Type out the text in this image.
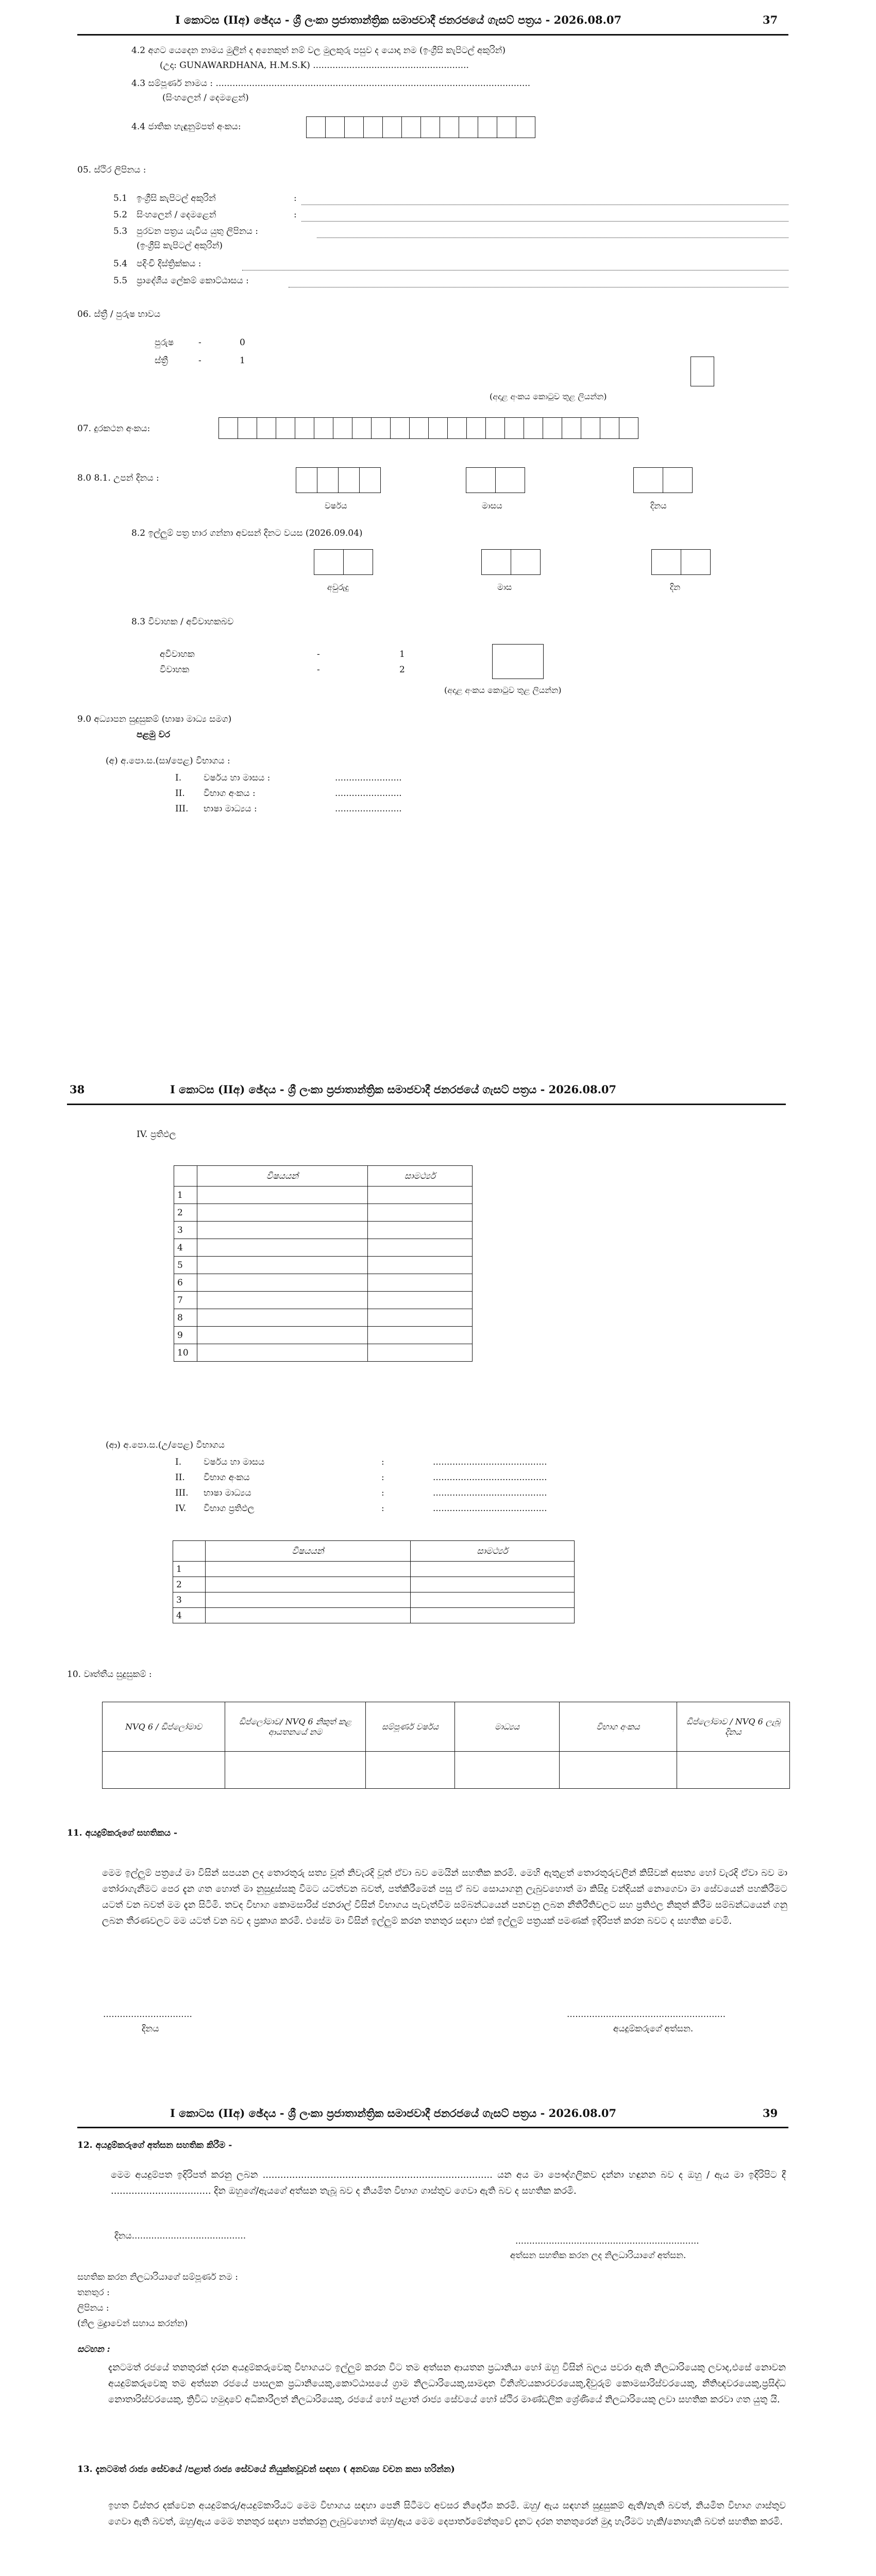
I කොටස (IIඅ) ඡේදය - ශ්‍රී ලංකා ප්‍රජාතාන්ත්‍රික සමාජවාදී ජනරජයේ ගැසට් පත්‍රය - 2026.08.07	37
4.2 අගට යෙදෙන නාමය මුලින් ද අනෙකුත් නම් වල මුලකුරු පසුව ද යොදා නම (ඉංග්‍රීසි කැපිටල් අකුරින්)
(උදා: GUNAWARDHANA, H.M.S.K) ........................................................
4.3 සම්පූර්ණ නාමය : .................................................................................................................
(සිංහලෙන් / දෙමළෙන්)
4.4 ජාතික හැඳුනුම්පත් අංකය:
05. ස්ථිර ලිපිනය :
5.1 ඉංග්‍රීසි කැපිටල් අකුරින්	:
5.2 සිංහලෙන් / දෙමළෙන්	:
5.3 පුරවන පත්‍රය යැවිය යුතු ලිපිනය :
(ඉංග්‍රීසි කැපිටල් අකුරින්)
5.4 පදිංචි දිස්ත්‍රික්කය :
5.5 ප්‍රාදේශීය ලේකම් කොට්ඨාසය :
06. ස්ත්‍රී / පුරුෂ භාවය
පුරුෂ	-	0
ස්ත්‍රී	-	1
(අදාළ අංකය කොටුව තුළ ලියන්න)
07. දුරකථන අංකය:
8.0 8.1. උපන් දිනය :
වර්ෂය	මාසය	දිනය
8.2 ඉල්ලුම් පත්‍ර භාර ගන්නා අවසන් දිනට වයස (2026.09.04)
අවුරුදු	මාස	දින
8.3 විවාහක / අවිවාහකබව
අවිවාහක	-	1
විවාහක	-	2
(අදාළ අංකය කොටුව තුළ ලියන්න)
9.0 අධ්‍යාපන සුදුසුකම් (භාෂා මාධ්‍ය සමග)
පළමු වර
(අ) අ.පො.ස.(සා/පෙළ) විභාගය :
I.	වර්ෂය හා මාසය :	........................
II. විභාග අංකය :	........................
III. භාෂා මාධ්‍යය :	........................
38	I කොටස (IIඅ) ඡේදය - ශ්‍රී ලංකා ප්‍රජාතාන්ත්‍රික සමාජවාදී ජනරජයේ ගැසට් පත්‍රය - 2026.08.07
IV. ප්‍රතිඵල
	විෂයයන්	සාමර්ථ්‍ය
1		
2		
3		
4		
5		
6		
7		
8		
9		
10		
(ආ) අ.පො.ස.(උ/පෙළ) විභාගය
I.	වර්ෂය හා මාසය	:	.........................................
II. විභාග අංකය	:	.........................................
III. භාෂා මාධ්‍යය	:	.........................................
IV. විභාග ප්‍රතිඵල	:	.........................................
	විෂයයන්	සාමර්ථ්‍ය
1		
2		
3		
4		
10. වෘත්තීය සුදුසුකම් :
NVQ 6 / ඩිප්ලෝමාව	ඩිප්ලෝමාව/ NVQ 6 නිකුත් කළ ආයතනයේ නම	සම්පූර්ණ වර්ෂය	මාධ්‍යය	විභාග අංකය	ඩිප්ලෝමාව / NVQ 6 ලැබූ දිනය

11. අයදුම්කරුගේ සහතිකය -
මෙම ඉල්ලුම් පත්‍රයේ මා විසින් සපයන ලද තොරතුරු සත්‍ය වූත් නිවැරදි වූත් ඒවා බව මෙයින් සහතික කරමි. මෙහි ඇතුළත් තොරතුරුවලින් කිසිවක් අසත්‍ය හෝ වැරදි ඒවා බව මා තෝරාගැනීමට පෙර දැන ගත හොත් මා නුසුදුස්සකු වීමට යටත්වන බවත්, පත්කිරීමෙන් පසු ඒ බව සොයාගනු ලැබුවහොත් මා කිසිදු වන්දියක් නොගෙවා මා සේවයෙන් පහකිරීමට යටත් වන බවත් මම දැන සිටිමි. තවද විභාග කොමසාරිස් ජනරාල් විසින් විභාගය පැවැත්වීම සම්බන්ධයෙන් පනවනු ලබන නීතිරීතිවලට සහ ප්‍රතිඵල නිකුත් කිරීම සම්බන්ධයෙන් ගනු ලබන තීරණවලට මම යටත් වන බව ද ප්‍රකාශ කරමි. එසේම මා විසින් ඉල්ලුම් කරන තනතුර සඳහා එක් ඉල්ලුම් පත්‍රයක් පමණක් ඉදිරිපත් කරන බවට ද සහතික වෙමි.
................................
දිනය
.........................................................
අයදුම්කරුගේ අත්සන.
I කොටස (IIඅ) ඡේදය - ශ්‍රී ලංකා ප්‍රජාතාන්ත්‍රික සමාජවාදී ජනරජයේ ගැසට් පත්‍රය - 2026.08.07	39
12. අයදුම්කරුගේ අත්සන සහතික කිරීම -
මෙම අයදුම්පත ඉදිරිපත් කරනු ලබන .............................................................................. යන අය මා පෞද්ගලිකව දන්නා හඳුනන බව ද ඔහු / ඇය මා ඉදිරිපිට දී .................................. දින ඔහුගේ/ඇයගේ අත්සන තැබූ බව ද නියමිත විභාග ගාස්තුව ගෙවා ඇති බව ද සහතික කරමි.
දිනය.........................................	..................................................................
අත්සන සහතික කරන ලද නිලධාරියාගේ අත්සන.
සහතික කරන නිලධාරියාගේ සම්පූර්ණ නම :
තනතුර :
ලිපිනය :
(නිල මුද්‍රාවෙන් සහාය කරන්න)
සටහන :
දැනටමත් රජයේ තනතුරක් දරන අයදුම්කරුවෙකු විභාගයට ඉල්ලුම් කරන විට තම අත්සන ආයතන ප්‍රධානියා හෝ ඔහු විසින් බලය පවරා ඇති නිලධාරියෙකු ලවාද,එසේ නොවන අයදුම්කරුවෙකු තම අත්සන රජයේ පාසලක ප්‍රධානියෙකු,කොට්ඨාසයේ ග්‍රාම නිලධාරියෙකු,සාමදාන විනිශ්චයකාරවරයෙකු,දිවුරුම් කොමසාරිස්වරයෙකු, නීතිඥවරයෙකු,ප්‍රසිද්ධ නොතාරිස්වරයෙකු, ත්‍රිවිධ හමුදාවේ අධිකාරීලත් නිලධාරියෙකු, රජයේ හෝ පළාත් රාජ්‍ය සේවයේ හෝ ස්ථිර මාණ්ඩලික ශ්‍රේණියේ නිලධාරියෙකු ලවා සහතික කරවා ගත යුතු යි.
13. දැනටමත් රාජ්‍ය සේවයේ /පළාත් රාජ්‍ය සේවයේ නියුක්තවූවන් සඳහා ( අනවශ්‍ය වචන කපා හරින්න)
ඉහත විස්තර දක්වෙන අයදුම්කරු/අයදුම්කාරියට මෙම විභාගය සඳහා පෙනී සිටීමට අවසර නිර්දේශ කරමි. ඔහු/ ඇය සඳහන් සුදුසුකම් ඇති/නැති බවත්, නියමිත විභාග ගාස්තුව ගෙවා ඇති බවත්, ඔහු/ඇය මෙම තනතුර සඳහා පත්කරනු ලැබුවහොත් ඔහු/ඇය මෙම දෙපාර්තමේන්තුවේ දැනට දරන තනතුරෙන් මුදා හැරීමට හැකි/නොහැකි බවත් සහතික කරමි.
